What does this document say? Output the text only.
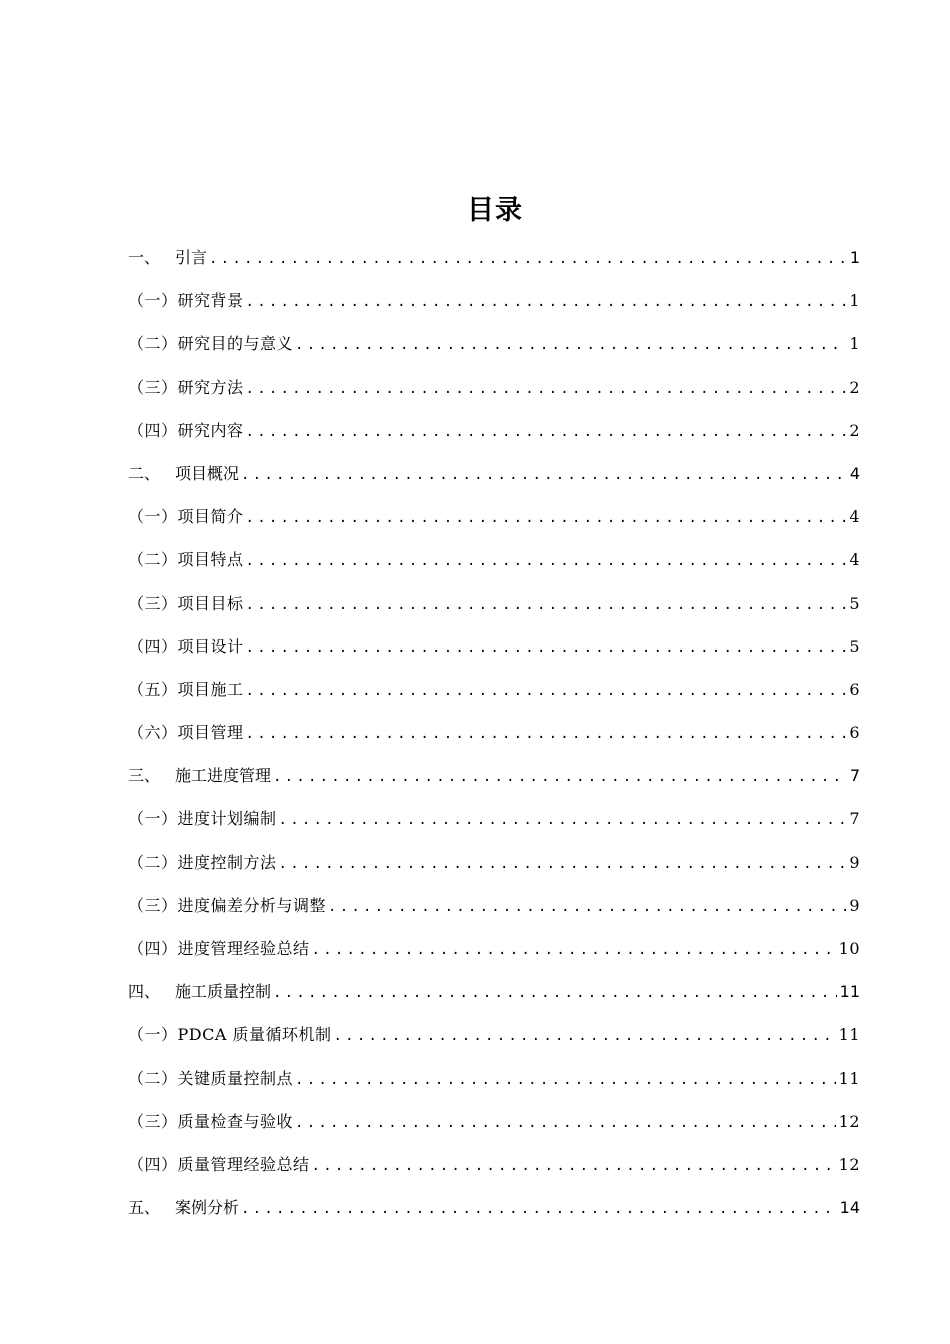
目录
一、 引言 . . .	1
（一） 研究背景 . . .	1
（二） 研究目的与意义 . . .	1
（三） 研究方法 . . .	2
（四） 研究内容 . . .	2
二、 项目概况 . . .	4
（一） 项目简介 . . .	4
（二） 项目特点 . . .	4
（三） 项目目标 . . .	5
（四） 项目设计 . . .	5
（五） 项目施工 . . .	6
（六） 项目管理 . . .	6
三、 施工进度管理 . . .	7
（一） 进度计划编制 . . .	7
（二） 进度控制方法 . . .	9
（三） 进度偏差分析与调整 . . .	9
（四） 进度管理经验总结 . . .	10
四、 施工质量控制 . . .	11
（一） PDCA 质量循环机制 . . .	11
（二） 关键质量控制点 . . .	11
（三） 质量检查与验收 . . .	12
（四） 质量管理经验总结 . . .	12
五、 案例分析 . . .	14
